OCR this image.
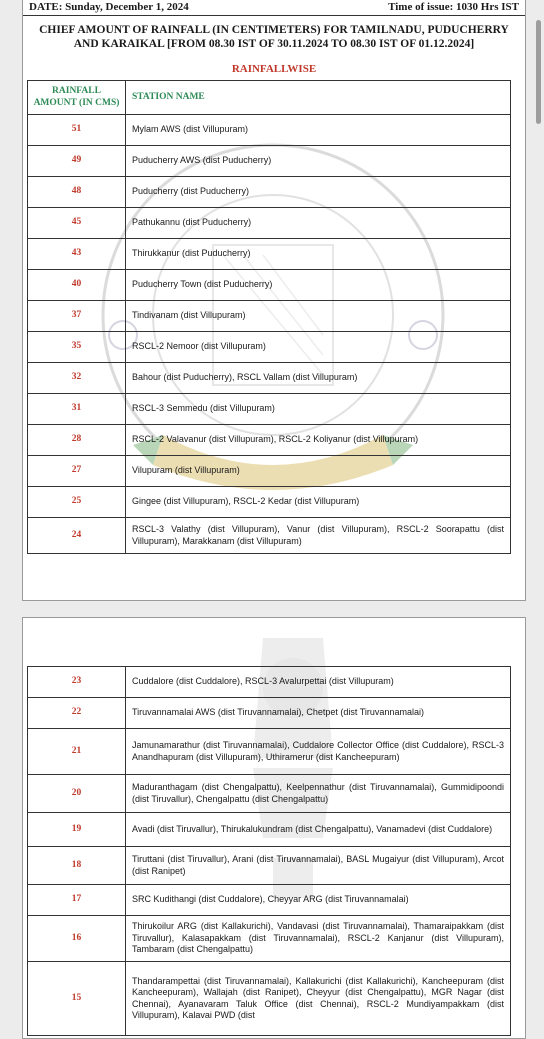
DATE: Sunday, December 1, 2024	Time of issue: 1030 Hrs IST
CHIEF AMOUNT OF RAINFALL (IN CENTIMETERS) FOR TAMILNADU, PUDUCHERRY AND KARAIKAL [FROM 08.30 IST OF 30.11.2024 TO 08.30 IST OF 01.12.2024]
RAINFALLWISE
RAINFALL AMOUNT (IN CMS)	STATION NAME
51	Mylam AWS (dist Villupuram)
49	Puducherry AWS (dist Puducherry)
48	Puducherry (dist Puducherry)
45	Pathukannu (dist Puducherry)
43	Thirukkanur (dist Puducherry)
40	Puducherry Town (dist Puducherry)
37	Tindivanam (dist Villupuram)
35	RSCL-2 Nemoor (dist Villupuram)
32	Bahour (dist Puducherry), RSCL Vallam (dist Villupuram)
31	RSCL-3 Semmedu (dist Villupuram)
28	RSCL-2 Valavanur (dist Villupuram), RSCL-2 Koliyanur (dist Villupuram)
27	Vilupuram (dist Villupuram)
25	Gingee (dist Villupuram), RSCL-2 Kedar (dist Villupuram)
24	RSCL-3 Valathy (dist Villupuram), Vanur (dist Villupuram), RSCL-2 Soorapattu (dist Villupuram), Marakkanam (dist Villupuram)
23	Cuddalore (dist Cuddalore), RSCL-3 Avalurpettai (dist Villupuram)
22	Tiruvannamalai AWS (dist Tiruvannamalai), Chetpet (dist Tiruvannamalai)
21	Jamunamarathur (dist Tiruvannamalai), Cuddalore Collector Office (dist Cuddalore), RSCL-3 Anandhapuram (dist Villupuram), Uthiramerur (dist Kancheepuram)
20	Maduranthagam (dist Chengalpattu), Keelpennathur (dist Tiruvannamalai), Gummidipoondi (dist Tiruvallur), Chengalpattu (dist Chengalpattu)
19	Avadi (dist Tiruvallur), Thirukalukundram (dist Chengalpattu), Vanamadevi (dist Cuddalore)
18	Tiruttani (dist Tiruvallur), Arani (dist Tiruvannamalai), BASL Mugaiyur (dist Villupuram), Arcot (dist Ranipet)
17	SRC Kudithangi (dist Cuddalore), Cheyyar ARG (dist Tiruvannamalai)
16	Thirukoilur ARG (dist Kallakurichi), Vandavasi (dist Tiruvannamalai), Thamaraipakkam (dist Tiruvallur), Kalasapakkam (dist Tiruvannamalai), RSCL-2 Kanjanur (dist Villupuram), Tambaram (dist Chengalpattu)
15	Thandarampettai (dist Tiruvannamalai), Kallakurichi (dist Kallakurichi), Kancheepuram (dist Kancheepuram), Wallajah (dist Ranipet), Cheyyur (dist Chengalpattu), MGR Nagar (dist Chennai), Ayanavaram Taluk Office (dist Chennai), RSCL-2 Mundiyampakkam (dist Villupuram), Kalavai PWD (dist
